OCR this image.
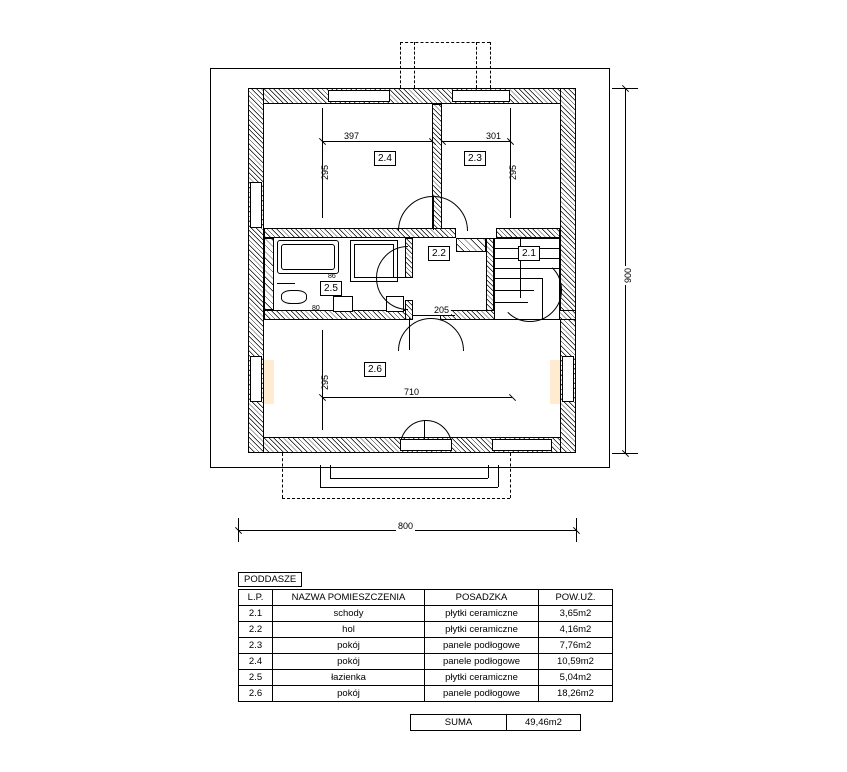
2.4	2.3
2.2	2.1
2.5
2.6
397	301
295	295
295
710
205
86
80
900
800
PODDASZE
L.P.	NAZWA POMIESZCZENIA	POSADZKA	POW.UŻ.
2.1	schody	płytki ceramiczne	3,65m2
2.2	hol	płytki ceramiczne	4,16m2
2.3	pokój	panele podłogowe	7,76m2
2.4	pokój	panele podłogowe	10,59m2
2.5	łazienka	płytki ceramiczne	5,04m2
2.6	pokój	panele podłogowe	18,26m2
SUMA	49,46m2
